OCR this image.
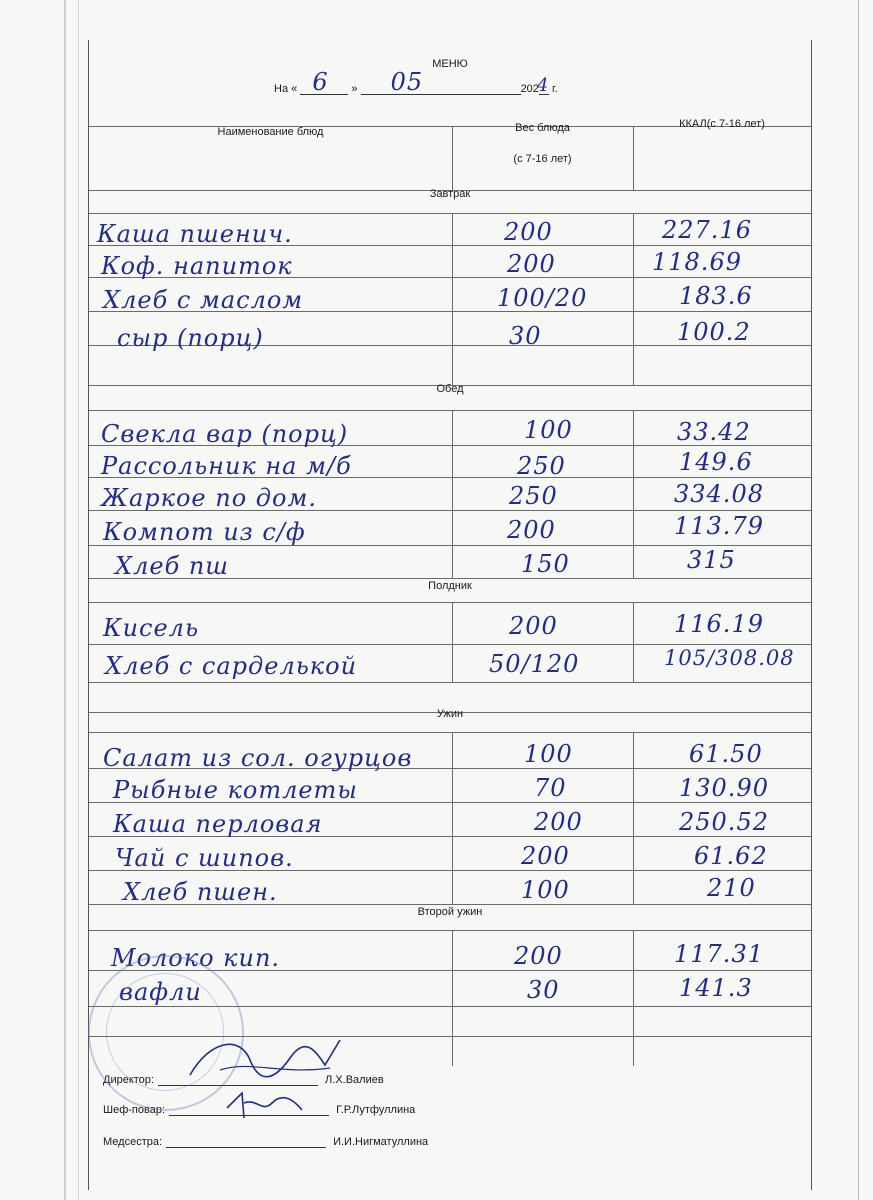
МЕНЮ
На « 6 » 05	202
4 г.
Наименование блюд	Вес блюда
(с 7-16 лет)
ККАЛ(с 7-16 лет)
Завтрак
Каша пшенич.	200	227.16
Коф. напиток	200	118.69
Хлеб с маслом	100/20	183.6
сыр (порц)	30	100.2
Обед
Свекла вар (порц)	100	33.42
Рассольник на м/б	250	149.6
Жаркое по дом.	250	334.08
Компот из с/ф	200	113.79
Хлеб пш	150	315
Полдник
Кисель	200	116.19
Хлеб с сарделькой	50/120	105/308.08
Ужин
Салат из сол. огурцов	100	61.50
Рыбные котлеты	70	130.90
Каша перловая	200	250.52
Чай с шипов.	200	61.62
Хлеб пшен.	100	210
Второй ужин
Молоко кип.	200	117.31
вафли	30	141.3
Директор:	Л.Х.Валиев
Шеф-повар:	Г.Р.Лутфуллина
Медсестра:	И.И.Нигматуллина
